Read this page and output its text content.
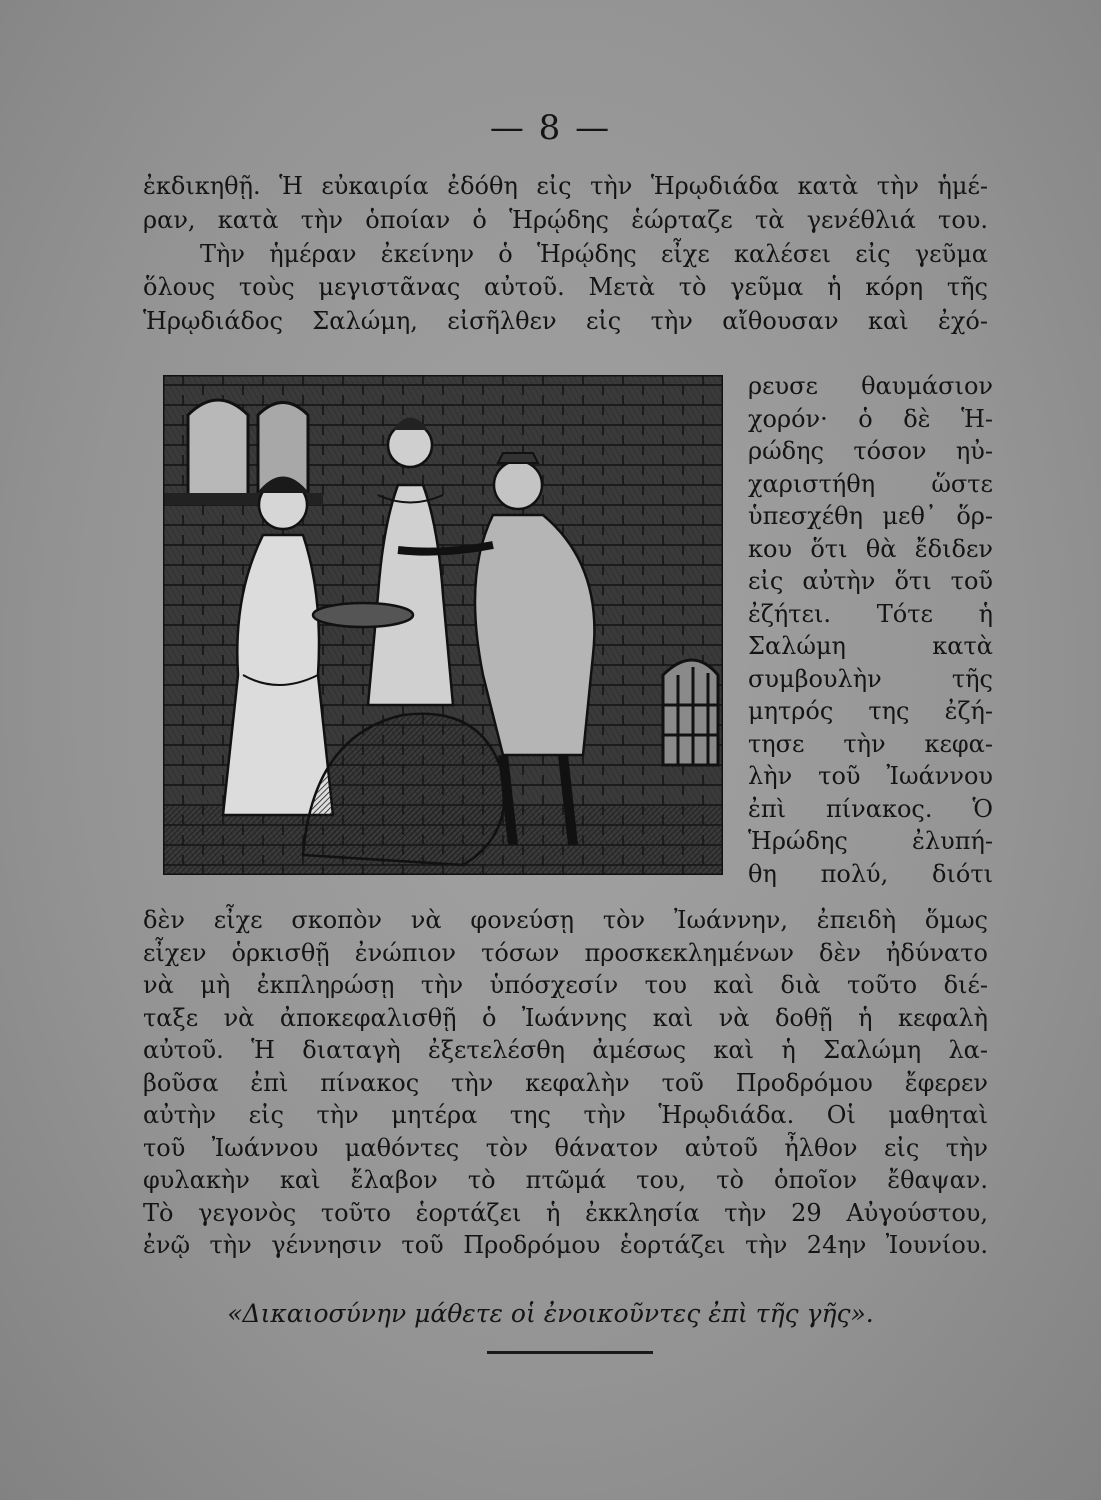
— 8 —
ἐκδικηθῇ. Ἡ εὐκαιρία ἐδόθη εἰς τὴν Ἡρῳδιάδα κατὰ τὴν ἡμέ-
ραν, κατὰ τὴν ὁποίαν ὁ Ἡρῴδης ἑώρταζε τὰ γενέθλιά του.
Τὴν ἡμέραν ἐκείνην ὁ Ἡρῴδης εἶχε καλέσει εἰς γεῦμα
ὅλους τοὺς μεγιστᾶνας αὐτοῦ. Μετὰ τὸ γεῦμα ἡ κόρη τῆς
Ἡρῳδιάδος Σαλώμη, εἰσῆλθεν εἰς τὴν αἴθουσαν καὶ ἐχό-
ρευσε θαυμάσιον
χορόν· ὁ δὲ Ἡ-
ρώδης τόσον ηὐ-
χαριστήθη ὥστε
ὑπεσχέθη μεθ᾽ ὅρ-
κου ὅτι θὰ ἔδιδεν
εἰς αὐτὴν ὅτι τοῦ
ἐζήτει. Τότε ἡ
Σαλώμη κατὰ
συμβουλὴν τῆς
μητρός της ἐζή-
τησε τὴν κεφα-
λὴν τοῦ Ἰωάννου
ἐπὶ πίνακος. Ὁ
Ἡρώδης ἐλυπή-
θη πολύ, διότι
δὲν εἶχε σκοπὸν νὰ φονεύσῃ τὸν Ἰωάννην, ἐπειδὴ ὅμως
εἶχεν ὁρκισθῇ ἐνώπιον τόσων προσκεκλημένων δὲν ἠδύνατο
νὰ μὴ ἐκπληρώσῃ τὴν ὑπόσχεσίν του καὶ διὰ τοῦτο διέ-
ταξε νὰ ἀποκεφαλισθῇ ὁ Ἰωάννης καὶ νὰ δοθῇ ἡ κεφαλὴ
αὐτοῦ. Ἡ διαταγὴ ἐξετελέσθη ἀμέσως καὶ ἡ Σαλώμη λα-
βοῦσα ἐπὶ πίνακος τὴν κεφαλὴν τοῦ Προδρόμου ἔφερεν
αὐτὴν εἰς τὴν μητέρα της τὴν Ἡρῳδιάδα. Οἱ μαθηταὶ
τοῦ Ἰωάννου μαθόντες τὸν θάνατον αὐτοῦ ἦλθον εἰς τὴν
φυλακὴν καὶ ἔλαβον τὸ πτῶμά του, τὸ ὁποῖον ἔθαψαν.
Τὸ γεγονὸς τοῦτο ἑορτάζει ἡ ἐκκλησία τὴν 29 Αὐγούστου,
ἐνῷ τὴν γέννησιν τοῦ Προδρόμου ἑορτάζει τὴν 24ην Ἰουνίου.
«Δικαιοσύνην μάθετε οἱ ἐνοικοῦντες ἐπὶ τῆς γῆς».
